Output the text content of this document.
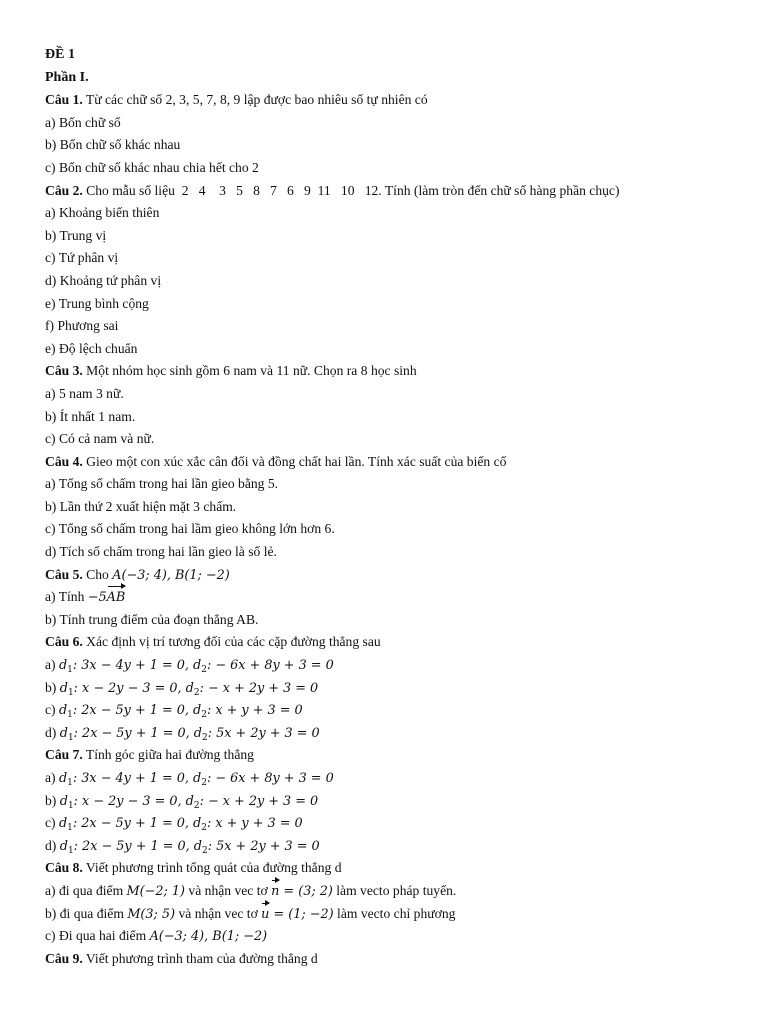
ĐỀ 1
Phần I.
Câu 1. Từ các chữ số 2, 3, 5, 7, 8, 9 lập được bao nhiêu số tự nhiên có
a) Bốn chữ số
b) Bốn chữ số khác nhau
c) Bốn chữ số khác nhau chia hết cho 2
Câu 2. Cho mẫu số liệu  2   4    3   5   8   7   6   9  11   10   12. Tính (làm tròn đến chữ số hàng phần chục)
a) Khoảng biến thiên
b) Trung vị
c) Tứ phân vị
d) Khoảng tứ phân vị
e) Trung bình cộng
f) Phương sai
e) Độ lệch chuẩn
Câu 3. Một nhóm học sinh gồm 6 nam và 11 nữ. Chọn ra 8 học sinh
a) 5 nam 3 nữ.
b) Ít nhất 1 nam.
c) Có cả nam và nữ.
Câu 4. Gieo một con xúc xắc cân đối và đồng chất hai lần. Tính xác suất của biến cố
a) Tổng số chấm trong hai lần gieo bằng 5.
b) Lần thứ 2 xuất hiện mặt 3 chấm.
c) Tổng số chấm trong hai lầm gieo không lớn hơn 6.
d) Tích số chấm trong hai lần gieo là số lẻ.
Câu 5. Cho A(−3; 4), B(1; −2)
a) Tính −5AB
b) Tính trung điểm của đoạn thẳng AB.
Câu 6. Xác định vị trí tương đối của các cặp đường thẳng sau
a) $d_1$: 3x − 4y + 1 = 0, $d_2$: − 6x + 8y + 3 = 0
b) $d_1$: x − 2y − 3 = 0, $d_2$: − x + 2y + 3 = 0
c) $d_1$: 2x − 5y + 1 = 0, $d_2$: x + y + 3 = 0
d) $d_1$: 2x − 5y + 1 = 0, $d_2$: 5x + 2y + 3 = 0
Câu 7. Tính góc giữa hai đường thẳng
a) $d_1$: 3x − 4y + 1 = 0, $d_2$: − 6x + 8y + 3 = 0
b) $d_1$: x − 2y − 3 = 0, $d_2$: − x + 2y + 3 = 0
c) $d_1$: 2x − 5y + 1 = 0, $d_2$: x + y + 3 = 0
d) $d_1$: 2x − 5y + 1 = 0, $d_2$: 5x + 2y + 3 = 0
Câu 8. Viết phương trình tổng quát của đường thẳng d
a) đi qua điểm M(−2; 1) và nhận vec tơ n = (3; 2) làm vecto pháp tuyến.
b) đi qua điểm M(3; 5) và nhận vec tơ u = (1; −2) làm vecto chỉ phương
c) Đi qua hai điểm A(−3; 4), B(1; −2)
Câu 9. Viết phương trình tham của đường thẳng d
